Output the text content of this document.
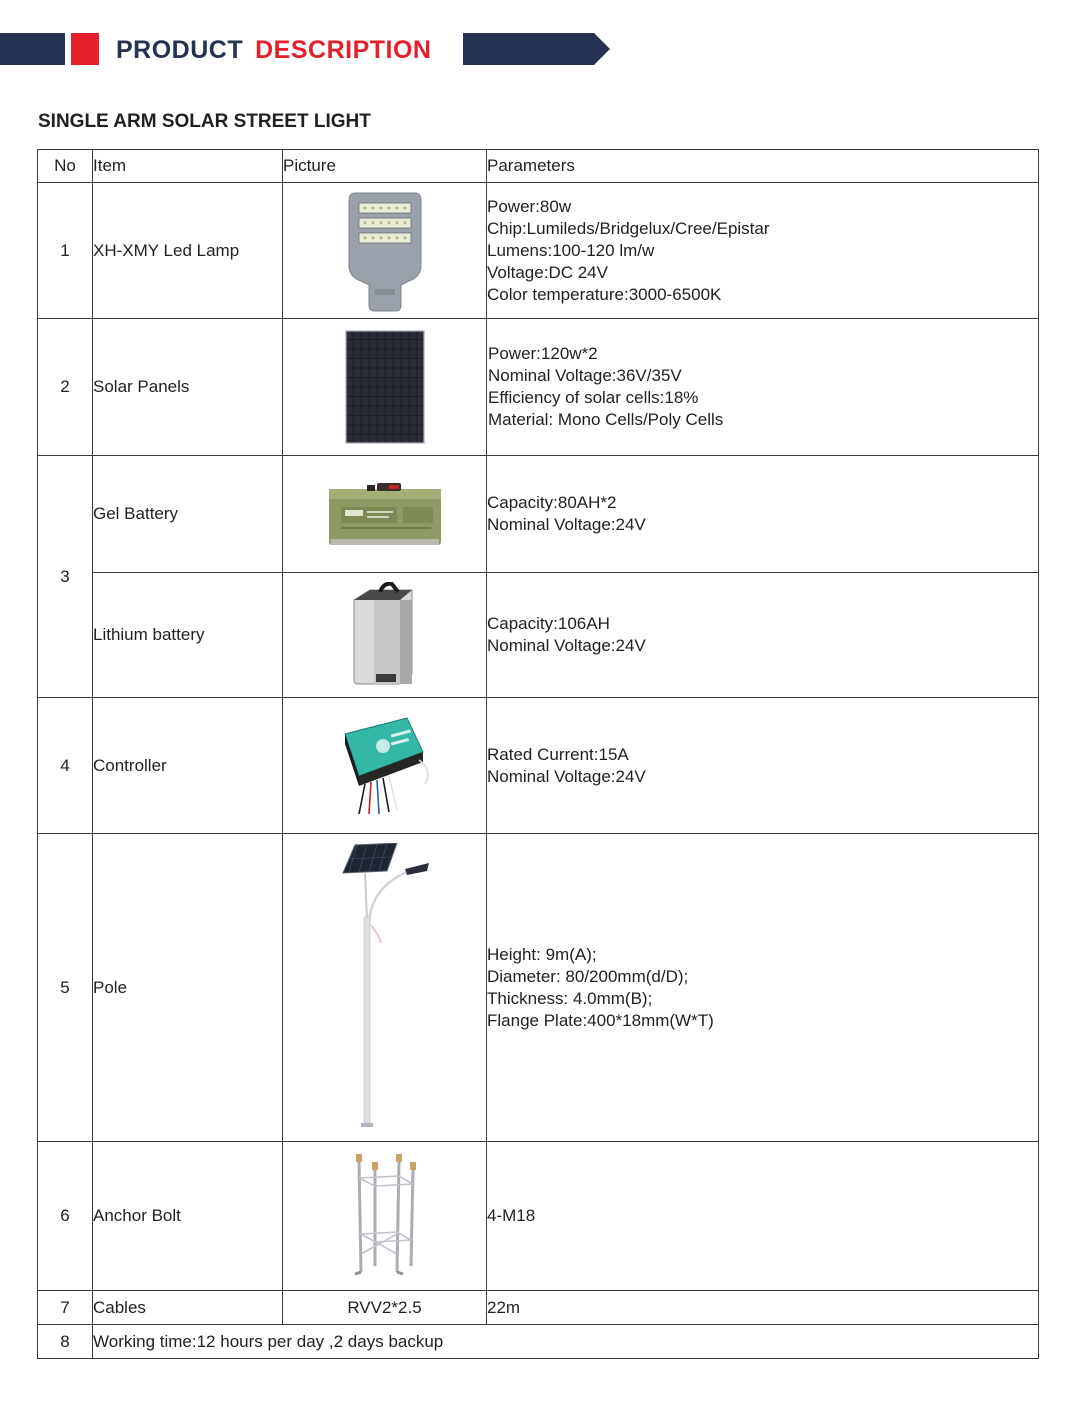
PRODUCT DESCRIPTION
SINGLE ARM SOLAR STREET LIGHT
No	Item	Picture	Parameters
1	XH-XMY Led Lamp		Power:80w
Chip:Lumileds/Bridgelux/Cree/Epistar
Lumens:100-120 lm/w
Voltage:DC 24V
Color temperature:3000-6500K

2	Solar Panels		Power:120w*2
Nominal Voltage:36V/35V
Efficiency of solar cells:18%
Material: Mono Cells/Poly Cells

3	Gel Battery		Capacity:80AH*2
Nominal Voltage:24V

	Lithium battery		Capacity:106AH
Nominal Voltage:24V

4	Controller		Rated Current:15A
Nominal Voltage:24V

5	Pole		Height: 9m(A);
Diameter: 80/200mm(d/D);
Thickness: 4.0mm(B);
Flange Plate:400*18mm(W*T)

6	Anchor Bolt		4-M18

7	Cables	RVV2*2.5	22m
8	Working time:12 hours per day ,2 days backup		
